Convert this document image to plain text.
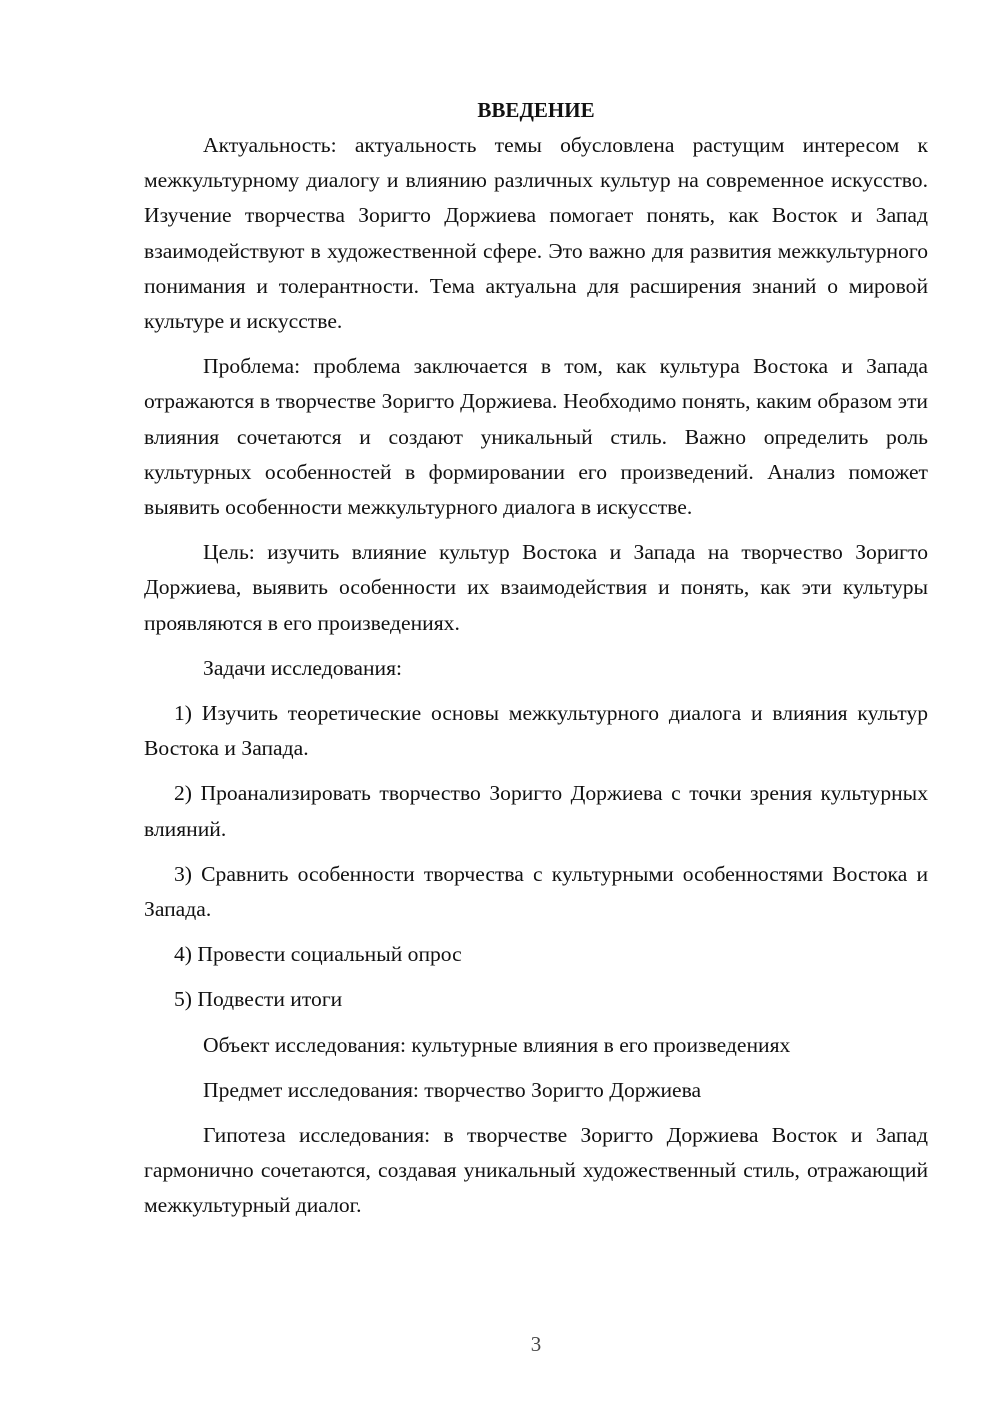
ВВЕДЕНИЕ

Актуальность: актуальность темы обусловлена растущим интересом к межкультурному диалогу и влиянию различных культур на современное искусство. Изучение творчества Зоригто Доржиева помогает понять, как Восток и Запад взаимодействуют в художественной сфере. Это важно для развития межкультурного понимания и толерантности. Тема актуальна для расширения знаний о мировой культуре и искусстве.

Проблема: проблема заключается в том, как культура Востока и Запада отражаются в творчестве Зоригто Доржиева. Необходимо понять, каким образом эти влияния сочетаются и создают уникальный стиль. Важно определить роль культурных особенностей в формировании его произведений. Анализ поможет выявить особенности межкультурного диалога в искусстве.

Цель: изучить влияние культур Востока и Запада на творчество Зоригто Доржиева, выявить особенности их взаимодействия и понять, как эти культуры проявляются в его произведениях.

Задачи исследования:

1) Изучить теоретические основы межкультурного диалога и влияния культур Востока и Запада.

2) Проанализировать творчество Зоригто Доржиева с точки зрения культурных влияний.

3) Сравнить особенности творчества с культурными особенностями Востока и Запада.

4) Провести социальный опрос

5) Подвести итоги

Объект исследования: культурные влияния в его произведениях

Предмет исследования: творчество Зоригто Доржиева

Гипотеза исследования: в творчестве Зоригто Доржиева Восток и Запад гармонично сочетаются, создавая уникальный художественный стиль, отражающий межкультурный диалог.

3
